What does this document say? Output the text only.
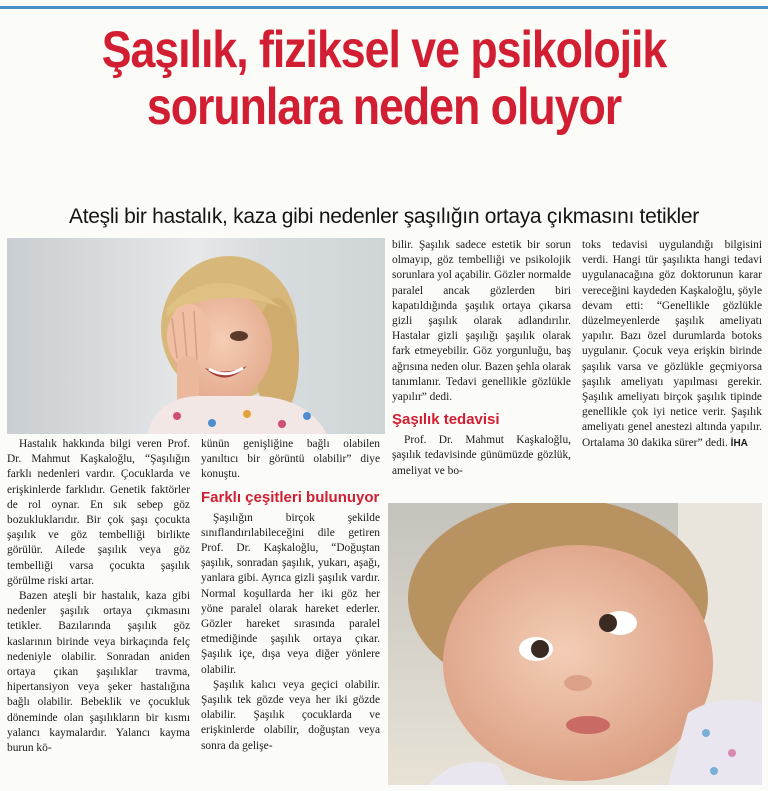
Şaşılık, fiziksel ve psikolojik sorunlara neden oluyor
Ateşli bir hastalık, kaza gibi nedenler şaşılığın ortaya çıkmasını tetikler

Hastalık hakkında bilgi veren Prof. Dr. Mahmut Kaşkaloğlu, “Şaşılığın farklı nedenleri vardır. Çocuklarda ve erişkinlerde farklıdır. Genetik faktörler de rol oynar. En sık sebep göz bozukluklarıdır. Bir çok şaşı çocukta şaşılık ve göz tembelliği birlikte görülür. Ailede şaşılık veya göz tembelliği varsa çocukta şaşılık görülme riski artar.

Bazen ateşli bir hastalık, kaza gibi nedenler şaşılık ortaya çıkmasını tetikler. Bazılarında şaşılık göz kaslarının birinde veya birkaçında felç nedeniyle olabilir. Sonradan aniden ortaya çıkan şaşılıklar travma, hipertansiyon veya şeker hastalığına bağlı olabilir. Bebeklik ve çocukluk döneminde olan şaşılıkların bir kısmı yalancı kaymalardır. Yalancı kayma burun kö-

künün genişliğine bağlı olabilen yanıltıcı bir görüntü olabilir” diye konuştu.

Farklı çeşitleri bulunuyor

Şaşılığın birçok şekilde sınıflandırılabileceğini dile getiren Prof. Dr. Kaşkaloğlu, “Doğuştan şaşılık, sonradan şaşılık, yukarı, aşağı, yanlara gibi. Ayrıca gizli şaşılık vardır. Normal koşullarda her iki göz her yöne paralel olarak hareket ederler. Gözler hareket sırasında paralel etmediğinde şaşılık ortaya çıkar. Şaşılık içe, dışa veya diğer yönlere olabilir.

Şaşılık kalıcı veya geçici olabilir. Şaşılık tek gözde veya her iki gözde olabilir. Şaşılık çocuklarda ve erişkinlerde olabilir, doğuştan veya sonra da gelişe-

bilir. Şaşılık sadece estetik bir sorun olmayıp, göz tembelliği ve psikolojik sorunlara yol açabilir. Gözler normalde paralel ancak gözlerden biri kapatıldığında şaşılık ortaya çıkarsa gizli şaşılık olarak adlandırılır. Hastalar gizli şaşılığı şaşılık olarak fark etmeyebilir. Göz yorgunluğu, baş ağrısına neden olur. Bazen şehla olarak tanımlanır. Tedavi genellikle gözlükle yapılır” dedi.

Şaşılık tedavisi

Prof. Dr. Mahmut Kaşkaloğlu, şaşılık tedavisinde günümüzde gözlük, ameliyat ve bo-

toks tedavisi uygulandığı bilgisini verdi. Hangi tür şaşılıkta hangi tedavi uygulanacağına göz doktorunun karar vereceğini kaydeden Kaşkaloğlu, şöyle devam etti: “Genellikle gözlükle düzelmeyenlerde şaşılık ameliyatı yapılır. Bazı özel durumlarda botoks uygulanır. Çocuk veya erişkin birinde şaşılık varsa ve gözlükle geçmiyorsa şaşılık ameliyatı yapılması gerekir. Şaşılık ameliyatı birçok şaşılık tipinde genellikle çok iyi netice verir. Şaşılık ameliyatı genel anestezi altında yapılır. Ortalama 30 dakika sürer” dedi. İHA
